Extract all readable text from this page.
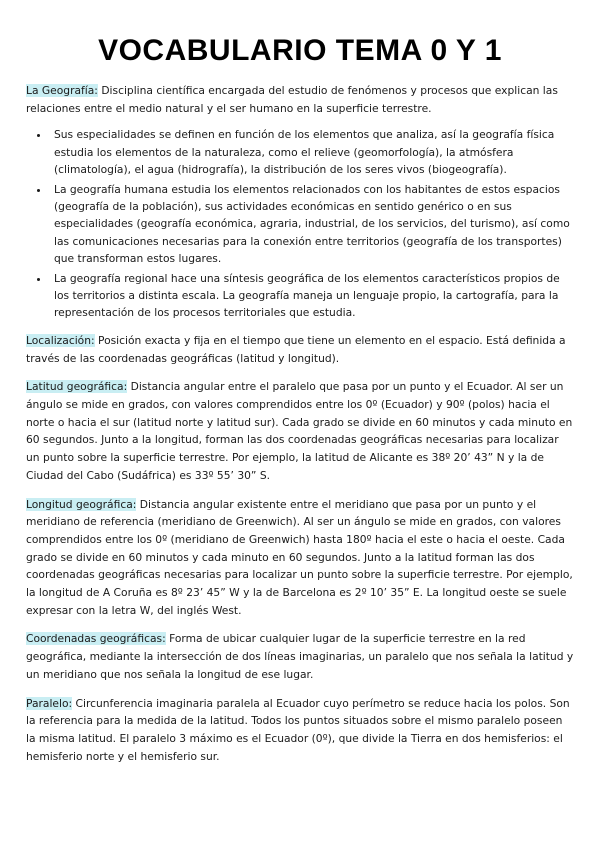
VOCABULARIO TEMA 0 Y 1

La Geografía: Disciplina científica encargada del estudio de fenómenos y procesos que explican las relaciones entre el medio natural y el ser humano en la superficie terrestre.

• Sus especialidades se definen en función de los elementos que analiza, así la geografía física estudia los elementos de la naturaleza, como el relieve (geomorfología), la atmósfera (climatología), el agua (hidrografía), la distribución de los seres vivos (biogeografía).
• La geografía humana estudia los elementos relacionados con los habitantes de estos espacios (geografía de la población), sus actividades económicas en sentido genérico o en sus especialidades (geografía económica, agraria, industrial, de los servicios, del turismo), así como las comunicaciones necesarias para la conexión entre territorios (geografía de los transportes) que transforman estos lugares.
• La geografía regional hace una síntesis geográfica de los elementos característicos propios de los territorios a distinta escala. La geografía maneja un lenguaje propio, la cartografía, para la representación de los procesos territoriales que estudia.

Localización: Posición exacta y fija en el tiempo que tiene un elemento en el espacio. Está definida a través de las coordenadas geográficas (latitud y longitud).

Latitud geográfica: Distancia angular entre el paralelo que pasa por un punto y el Ecuador. Al ser un ángulo se mide en grados, con valores comprendidos entre los 0º (Ecuador) y 90º (polos) hacia el norte o hacia el sur (latitud norte y latitud sur). Cada grado se divide en 60 minutos y cada minuto en 60 segundos. Junto a la longitud, forman las dos coordenadas geográficas necesarias para localizar un punto sobre la superficie terrestre. Por ejemplo, la latitud de Alicante es 38º 20’ 43” N y la de Ciudad del Cabo (Sudáfrica) es 33º 55’ 30” S.

Longitud geográfica: Distancia angular existente entre el meridiano que pasa por un punto y el meridiano de referencia (meridiano de Greenwich). Al ser un ángulo se mide en grados, con valores comprendidos entre los 0º (meridiano de Greenwich) hasta 180º hacia el este o hacia el oeste. Cada grado se divide en 60 minutos y cada minuto en 60 segundos. Junto a la latitud forman las dos coordenadas geográficas necesarias para localizar un punto sobre la superficie terrestre. Por ejemplo, la longitud de A Coruña es 8º 23’ 45” W y la de Barcelona es 2º 10’ 35” E. La longitud oeste se suele expresar con la letra W, del inglés West.

Coordenadas geográficas: Forma de ubicar cualquier lugar de la superficie terrestre en la red geográfica, mediante la intersección de dos líneas imaginarias, un paralelo que nos señala la latitud y un meridiano que nos señala la longitud de ese lugar.

Paralelo: Circunferencia imaginaria paralela al Ecuador cuyo perímetro se reduce hacia los polos. Son la referencia para la medida de la latitud. Todos los puntos situados sobre el mismo paralelo poseen la misma latitud. El paralelo 3 máximo es el Ecuador (0º), que divide la Tierra en dos hemisferios: el hemisferio norte y el hemisferio sur.
